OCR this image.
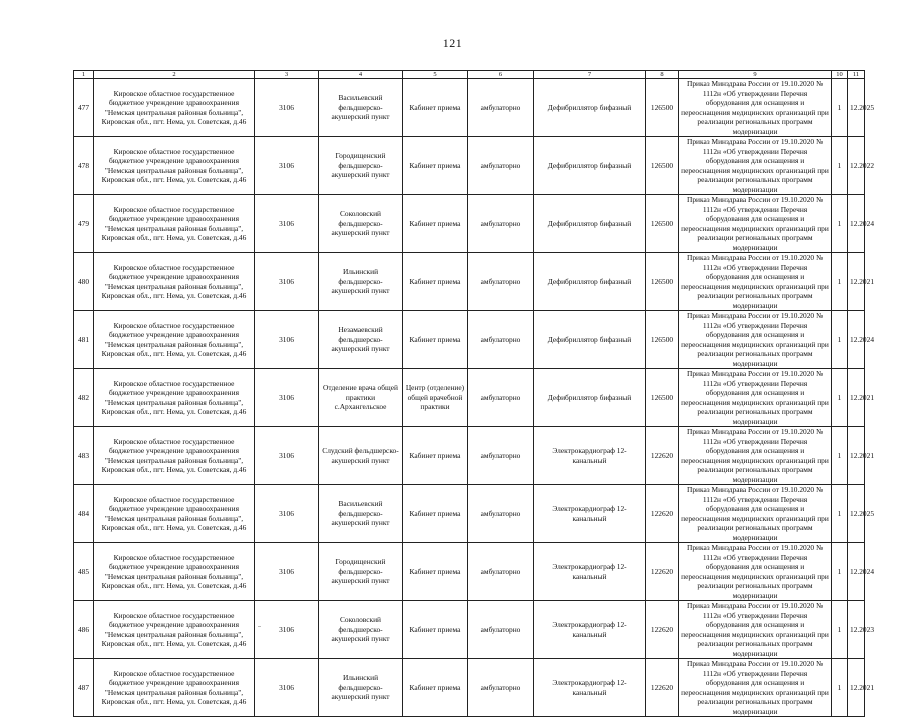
121
1	2	3	4	5	6	7	8	9	10	11
477	Кировское областное государственное бюджетное учреждение здравоохранения "Немская центральная районная больница", Кировская обл., пгт. Нема, ул. Советская, д.46	3106	Васильевский фельдшерско-акушерский пункт	Кабинет приема	амбулаторно	Дефибриллятор бифазный	126500	Приказ Минздрава России от 19.10.2020 № 1112н «Об утверждении Перечня оборудования для оснащения и переоснащения медицинских организаций при реализации региональных программ модернизации	1	12.2025
478	Кировское областное государственное бюджетное учреждение здравоохранения "Немская центральная районная больница", Кировская обл., пгт. Нема, ул. Советская, д.46	3106	Городищенский фельдшерско-акушерский пункт	Кабинет приема	амбулаторно	Дефибриллятор бифазный	126500	Приказ Минздрава России от 19.10.2020 № 1112н «Об утверждении Перечня оборудования для оснащения и переоснащения медицинских организаций при реализации региональных программ модернизации	1	12.2022
479	Кировское областное государственное бюджетное учреждение здравоохранения "Немская центральная районная больница", Кировская обл., пгт. Нема, ул. Советская, д.46	3106	Соколовский фельдшерско-акушерский пункт	Кабинет приема	амбулаторно	Дефибриллятор бифазный	126500	Приказ Минздрава России от 19.10.2020 № 1112н «Об утверждении Перечня оборудования для оснащения и переоснащения медицинских организаций при реализации региональных программ модернизации	1	12.2024
480	Кировское областное государственное бюджетное учреждение здравоохранения "Немская центральная районная больница", Кировская обл., пгт. Нема, ул. Советская, д.46	3106	Ильинский фельдшерско-акушерский пункт	Кабинет приема	амбулаторно	Дефибриллятор бифазный	126500	Приказ Минздрава России от 19.10.2020 № 1112н «Об утверждении Перечня оборудования для оснащения и переоснащения медицинских организаций при реализации региональных программ модернизации	1	12.2021
481	Кировское областное государственное бюджетное учреждение здравоохранения "Немская центральная районная больница", Кировская обл., пгт. Нема, ул. Советская, д.46	3106	Незамаевский фельдшерско-акушерский пункт	Кабинет приема	амбулаторно	Дефибриллятор бифазный	126500	Приказ Минздрава России от 19.10.2020 № 1112н «Об утверждении Перечня оборудования для оснащения и переоснащения медицинских организаций при реализации региональных программ модернизации	1	12.2024
482	Кировское областное государственное бюджетное учреждение здравоохранения "Немская центральная районная больница", Кировская обл., пгт. Нема, ул. Советская, д.46	3106	Отделение врача общей практики с.Архангельское	Центр (отделение) общей врачебной практики	амбулаторно	Дефибриллятор бифазный	126500	Приказ Минздрава России от 19.10.2020 № 1112н «Об утверждении Перечня оборудования для оснащения и переоснащения медицинских организаций при реализации региональных программ модернизации	1	12.2021
483	Кировское областное государственное бюджетное учреждение здравоохранения "Немская центральная районная больница", Кировская обл., пгт. Нема, ул. Советская, д.46	3106	Слудский фельдшерско-акушерский пункт	Кабинет приема	амбулаторно	Электрокардиограф 12-канальный	122620	Приказ Минздрава России от 19.10.2020 № 1112н «Об утверждении Перечня оборудования для оснащения и переоснащения медицинских организаций при реализации региональных программ модернизации	1	12.2021
484	Кировское областное государственное бюджетное учреждение здравоохранения "Немская центральная районная больница", Кировская обл., пгт. Нема, ул. Советская, д.46	3106	Васильевский фельдшерско-акушерский пункт	Кабинет приема	амбулаторно	Электрокардиограф 12-канальный	122620	Приказ Минздрава России от 19.10.2020 № 1112н «Об утверждении Перечня оборудования для оснащения и переоснащения медицинских организаций при реализации региональных программ модернизации	1	12.2025
485	Кировское областное государственное бюджетное учреждение здравоохранения "Немская центральная районная больница", Кировская обл., пгт. Нема, ул. Советская, д.46	3106	Городищенский фельдшерско-акушерский пункт	Кабинет приема	амбулаторно	Электрокардиограф 12-канальный	122620	Приказ Минздрава России от 19.10.2020 № 1112н «Об утверждении Перечня оборудования для оснащения и переоснащения медицинских организаций при реализации региональных программ модернизации	1	12.2024
486	Кировское областное государственное бюджетное учреждение здравоохранения "Немская центральная районная больница", Кировская обл., пгт. Нема, ул. Советская, д.46	3106	Соколовский фельдшерско-акушерский пункт	Кабинет приема	амбулаторно	Электрокардиограф 12-канальный	122620	Приказ Минздрава России от 19.10.2020 № 1112н «Об утверждении Перечня оборудования для оснащения и переоснащения медицинских организаций при реализации региональных программ модернизации	1	12.2023
487	Кировское областное государственное бюджетное учреждение здравоохранения "Немская центральная районная больница", Кировская обл., пгт. Нема, ул. Советская, д.46	3106	Ильинский фельдшерско-акушерский пункт	Кабинет приема	амбулаторно	Электрокардиограф 12-канальный	122620	Приказ Минздрава России от 19.10.2020 № 1112н «Об утверждении Перечня оборудования для оснащения и переоснащения медицинских организаций при реализации региональных программ модернизации	1	12.2021
